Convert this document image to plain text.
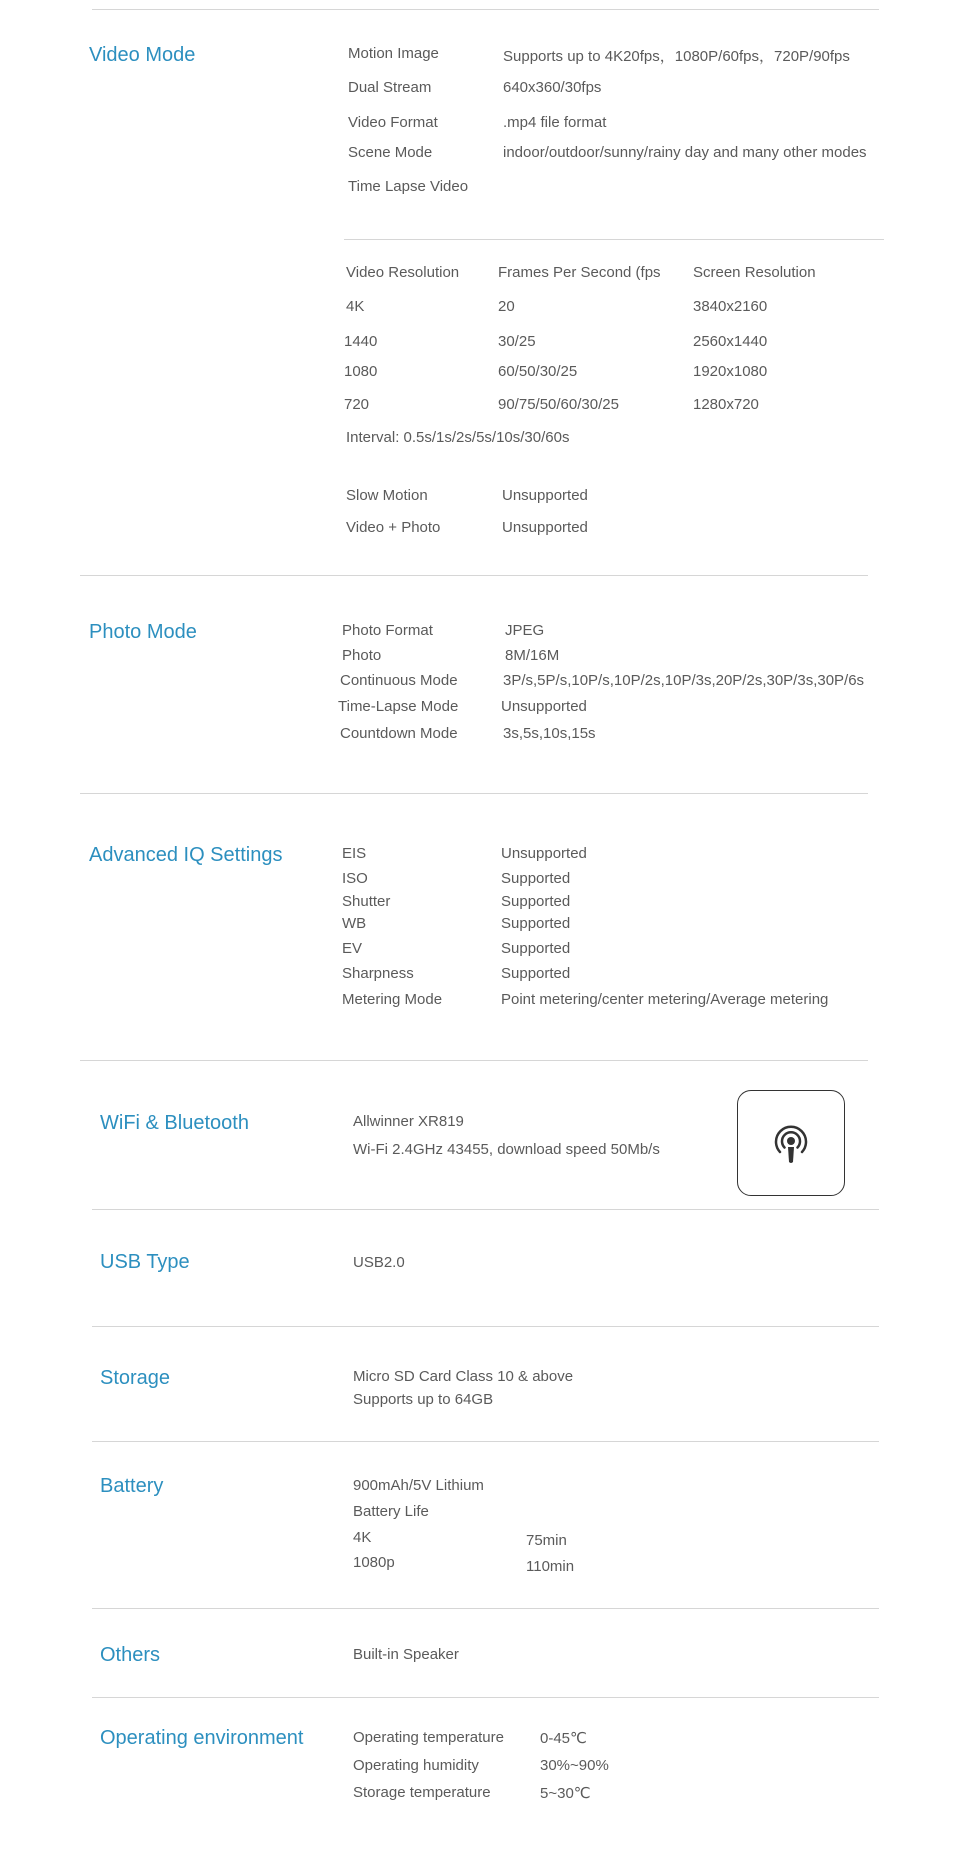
Video Mode	Motion Image	Supports up to 4K20fps，1080P/60fps，720P/90fps
Dual Stream	640x360/30fps
Video Format	.mp4 file format
Scene Mode	indoor/outdoor/sunny/rainy day and many other modes
Time Lapse Video
Video Resolution	Frames Per Second (fps Screen Resolution
4K	20	3840x2160
1440	30/25	2560x1440
1080	60/50/30/25	1920x1080
720	90/75/50/60/30/25	1280x720
Interval: 0.5s/1s/2s/5s/10s/30/60s
Slow Motion	Unsupported
Video + Photo	Unsupported
Photo Mode	Photo Format	JPEG
Photo	8M/16M
Continuous Mode	3P/s,5P/s,10P/s,10P/2s,10P/3s,20P/2s,30P/3s,30P/6s
Time-Lapse Mode	Unsupported
Countdown Mode	3s,5s,10s,15s
Advanced IQ Settings	EIS	Unsupported
ISO	Supported
Shutter	Supported
WB	Supported
EV	Supported
Sharpness	Supported
Metering Mode	Point metering/center metering/Average metering
WiFi & Bluetooth	Allwinner XR819
Wi-Fi 2.4GHz 43455, download speed 50Mb/s
USB Type	USB2.0
Storage	Micro SD Card Class 10 & above
Supports up to 64GB
Battery	900mAh/5V Lithium
Battery Life
4K	75min
1080p	110min
Others	Built-in Speaker
Operating environment	Operating temperature 0-45℃
Operating humidity	30%~90%
Storage temperature	5~30℃
